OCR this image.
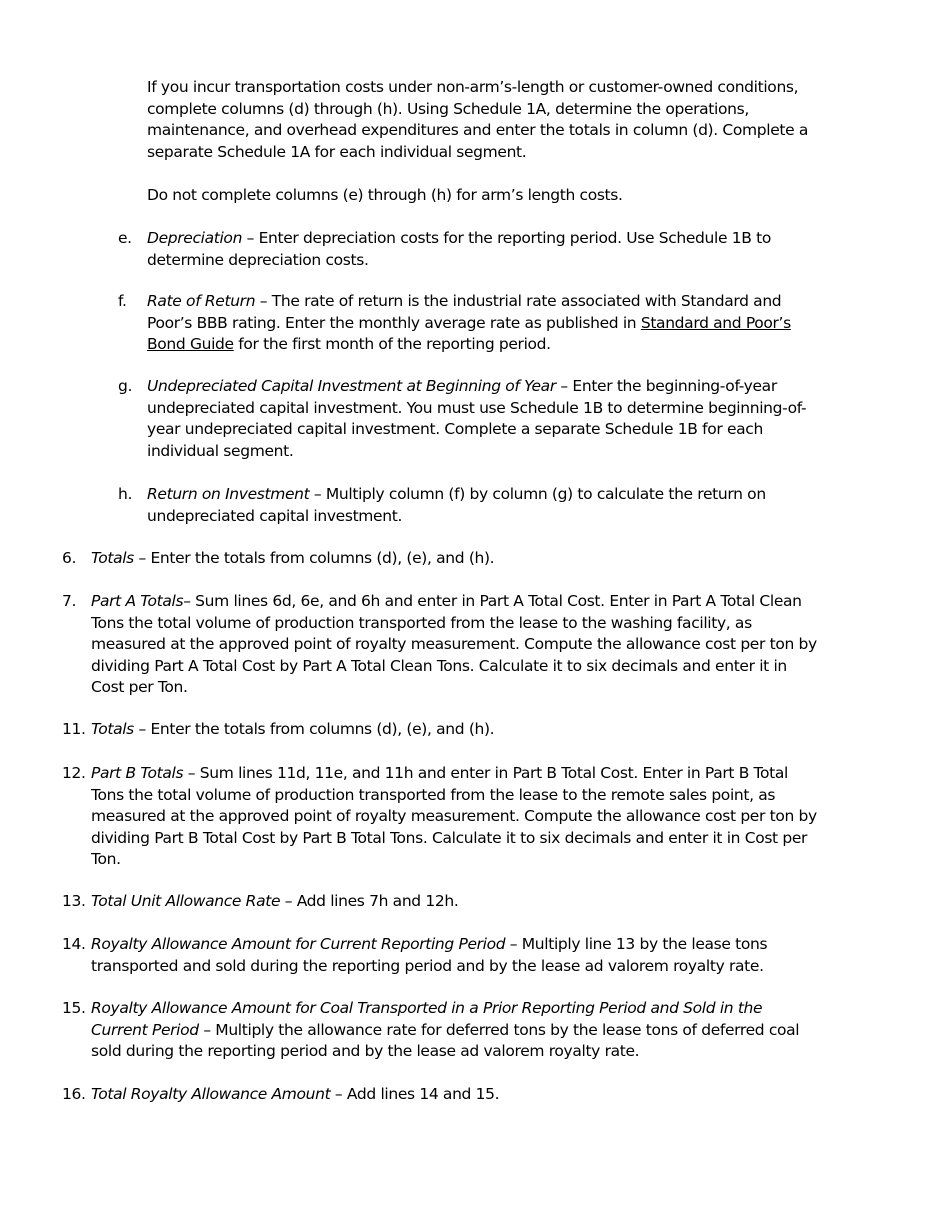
If you incur transportation costs under non-arm’s-length or customer-owned conditions, complete columns (d) through (h). Using Schedule 1A, determine the operations, maintenance, and overhead expenditures and enter the totals in column (d). Complete a separate Schedule 1A for each individual segment.

Do not complete columns (e) through (h) for arm’s length costs.

e. Depreciation – Enter depreciation costs for the reporting period. Use Schedule 1B to determine depreciation costs.

f.	Rate of Return – The rate of return is the industrial rate associated with Standard and Poor’s BBB rating. Enter the monthly average rate as published in Standard and Poor’s Bond Guide for the first month of the reporting period.

g. Undepreciated Capital Investment at Beginning of Year – Enter the beginning-of-year undepreciated capital investment. You must use Schedule 1B to determine beginning-of-year undepreciated capital investment. Complete a separate Schedule 1B for each individual segment.

h. Return on Investment – Multiply column (f) by column (g) to calculate the return on undepreciated capital investment.

6. Totals – Enter the totals from columns (d), (e), and (h).

7. Part A Totals– Sum lines 6d, 6e, and 6h and enter in Part A Total Cost. Enter in Part A Total Clean Tons the total volume of production transported from the lease to the washing facility, as measured at the approved point of royalty measurement. Compute the allowance cost per ton by dividing Part A Total Cost by Part A Total Clean Tons. Calculate it to six decimals and enter it in Cost per Ton.

11. Totals – Enter the totals from columns (d), (e), and (h).

12. Part B Totals – Sum lines 11d, 11e, and 11h and enter in Part B Total Cost. Enter in Part B Total Tons the total volume of production transported from the lease to the remote sales point, as measured at the approved point of royalty measurement. Compute the allowance cost per ton by dividing Part B Total Cost by Part B Total Tons. Calculate it to six decimals and enter it in Cost per Ton.

13. Total Unit Allowance Rate – Add lines 7h and 12h.

14. Royalty Allowance Amount for Current Reporting Period – Multiply line 13 by the lease tons transported and sold during the reporting period and by the lease ad valorem royalty rate.

15. Royalty Allowance Amount for Coal Transported in a Prior Reporting Period and Sold in the Current Period – Multiply the allowance rate for deferred tons by the lease tons of deferred coal sold during the reporting period and by the lease ad valorem royalty rate.

16. Total Royalty Allowance Amount – Add lines 14 and 15.
